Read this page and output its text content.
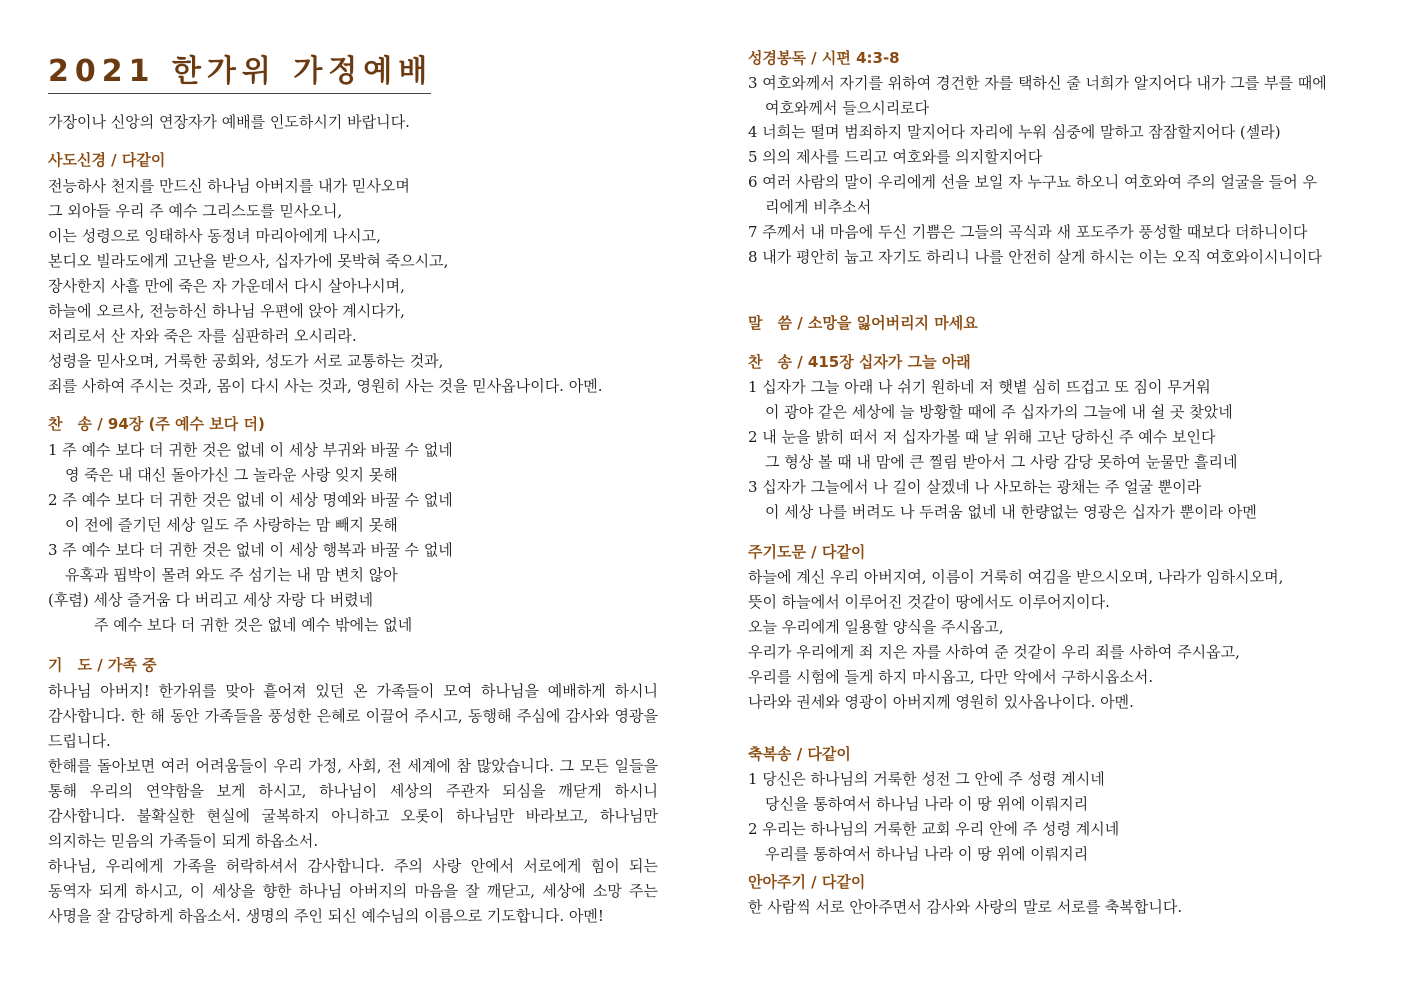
2021 한가위 가정예배
가장이나 신앙의 연장자가 예배를 인도하시기 바랍니다.
사도신경 / 다같이
전능하사 천지를 만드신 하나님 아버지를 내가 믿사오며
그 외아들 우리 주 예수 그리스도를 믿사오니,
이는 성령으로 잉태하사 동정녀 마리아에게 나시고,
본디오 빌라도에게 고난을 받으사, 십자가에 못박혀 죽으시고,
장사한지 사흘 만에 죽은 자 가운데서 다시 살아나시며,
하늘에 오르사, 전능하신 하나님 우편에 앉아 계시다가,
저리로서 산 자와 죽은 자를 심판하러 오시리라.
성령을 믿사오며, 거룩한 공회와, 성도가 서로 교통하는 것과,
죄를 사하여 주시는 것과, 몸이 다시 사는 것과, 영원히 사는 것을 믿사옵나이다. 아멘.
찬　송 / 94장 (주 예수 보다 더)
1 주 예수 보다 더 귀한 것은 없네 이 세상 부귀와 바꿀 수 없네
영 죽은 내 대신 돌아가신 그 놀라운 사랑 잊지 못해
2 주 예수 보다 더 귀한 것은 없네 이 세상 명예와 바꿀 수 없네
이 전에 즐기던 세상 일도 주 사랑하는 맘 빼지 못해
3 주 예수 보다 더 귀한 것은 없네 이 세상 행복과 바꿀 수 없네
유혹과 핍박이 몰려 와도 주 섬기는 내 맘 변치 않아
(후렴) 세상 즐거움 다 버리고 세상 자랑 다 버렸네
주 예수 보다 더 귀한 것은 없네 예수 밖에는 없네
기　도 / 가족 중
하나님 아버지! 한가위를 맞아 흩어져 있던 온 가족들이 모여 하나님을 예배하게 하시니 감사합니다. 한 해 동안 가족들을 풍성한 은혜로 이끌어 주시고, 동행해 주심에 감사와 영광을 드립니다.
한해를 돌아보면 여러 어려움들이 우리 가정, 사회, 전 세계에 참 많았습니다. 그 모든 일들을 통해 우리의 연약함을 보게 하시고, 하나님이 세상의 주관자 되심을 깨닫게 하시니 감사합니다. 불확실한 현실에 굴복하지 아니하고 오롯이 하나님만 바라보고, 하나님만 의지하는 믿음의 가족들이 되게 하옵소서.
하나님, 우리에게 가족을 허락하셔서 감사합니다. 주의 사랑 안에서 서로에게 힘이 되는 동역자 되게 하시고, 이 세상을 향한 하나님 아버지의 마음을 잘 깨닫고, 세상에 소망 주는 사명을 잘 감당하게 하옵소서. 생명의 주인 되신 예수님의 이름으로 기도합니다. 아멘!
성경봉독 / 시편 4:3-8
3 여호와께서 자기를 위하여 경건한 자를 택하신 줄 너희가 알지어다 내가 그를 부를 때에
여호와께서 들으시리로다
4 너희는 떨며 범죄하지 말지어다 자리에 누워 심중에 말하고 잠잠할지어다 (셀라)
5 의의 제사를 드리고 여호와를 의지할지어다
6 여러 사람의 말이 우리에게 선을 보일 자 누구뇨 하오니 여호와여 주의 얼굴을 들어 우
리에게 비추소서
7 주께서 내 마음에 두신 기쁨은 그들의 곡식과 새 포도주가 풍성할 때보다 더하니이다
8 내가 평안히 눕고 자기도 하리니 나를 안전히 살게 하시는 이는 오직 여호와이시니이다
말　씀 / 소망을 잃어버리지 마세요
찬　송 / 415장 십자가 그늘 아래
1 십자가 그늘 아래 나 쉬기 원하네 저 햇볕 심히 뜨겁고 또 짐이 무거워
이 광야 같은 세상에 늘 방황할 때에 주 십자가의 그늘에 내 쉴 곳 찾았네
2 내 눈을 밝히 떠서 저 십자가볼 때 날 위해 고난 당하신 주 예수 보인다
그 형상 볼 때 내 맘에 큰 찔림 받아서 그 사랑 감당 못하여 눈물만 흘리네
3 십자가 그늘에서 나 길이 살겠네 나 사모하는 광채는 주 얼굴 뿐이라
이 세상 나를 버려도 나 두려움 없네 내 한량없는 영광은 십자가 뿐이라 아멘
주기도문 / 다같이
하늘에 계신 우리 아버지여, 이름이 거룩히 여김을 받으시오며, 나라가 임하시오며,
뜻이 하늘에서 이루어진 것같이 땅에서도 이루어지이다.
오늘 우리에게 일용할 양식을 주시옵고,
우리가 우리에게 죄 지은 자를 사하여 준 것같이 우리 죄를 사하여 주시옵고,
우리를 시험에 들게 하지 마시옵고, 다만 악에서 구하시옵소서.
나라와 권세와 영광이 아버지께 영원히 있사옵나이다. 아멘.
축복송 / 다같이
1 당신은 하나님의 거룩한 성전 그 안에 주 성령 계시네
당신을 통하여서 하나님 나라 이 땅 위에 이뤄지리
2 우리는 하나님의 거룩한 교회 우리 안에 주 성령 계시네
우리를 통하여서 하나님 나라 이 땅 위에 이뤄지리
안아주기 / 다같이
한 사람씩 서로 안아주면서 감사와 사랑의 말로 서로를 축복합니다.
